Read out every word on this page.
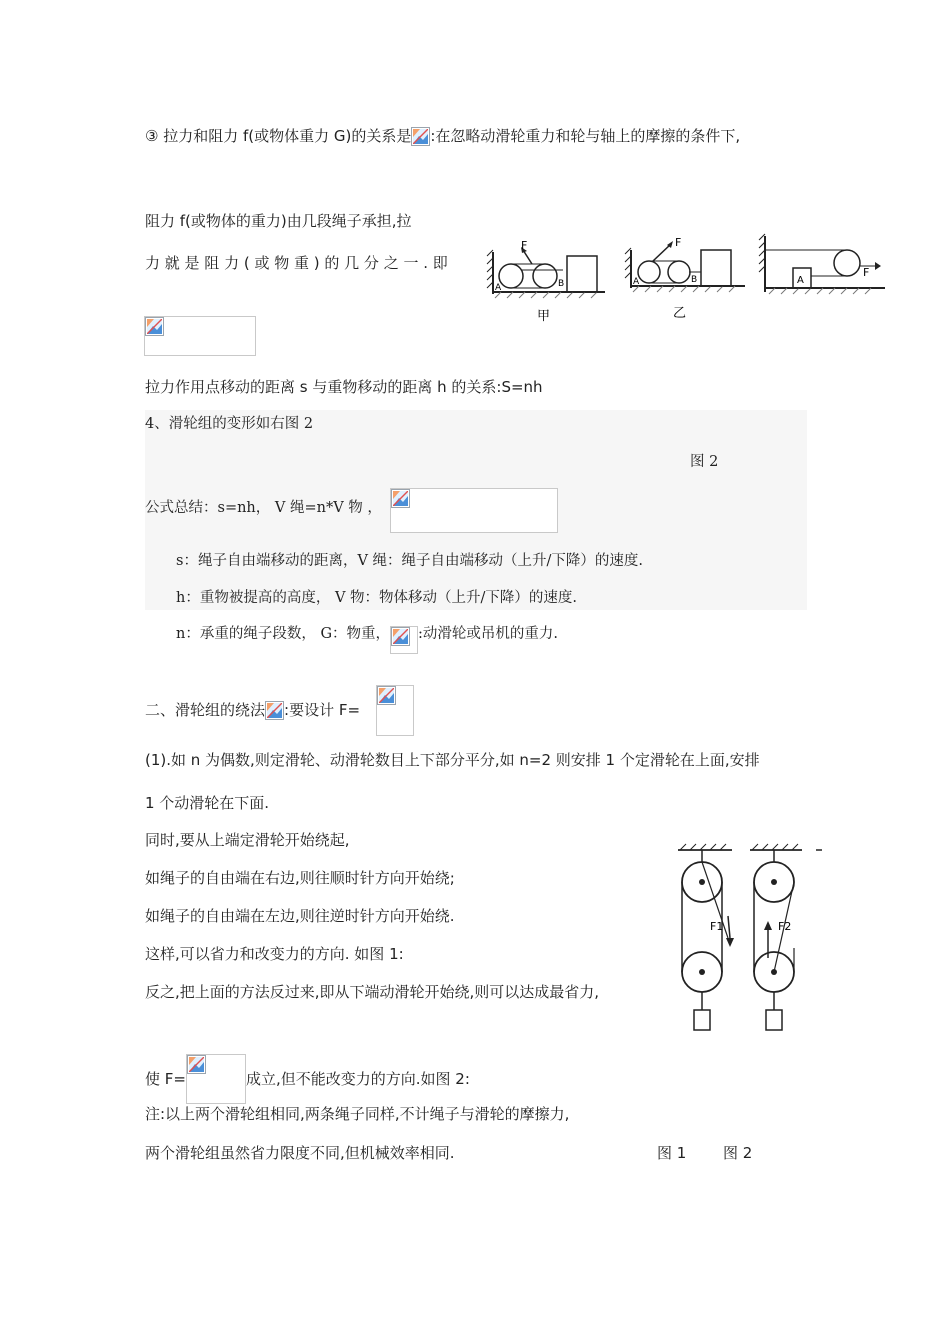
③ 拉力和阻力 f(或物体重力 G)的关系是 :在忽略动滑轮重力和轮与轴上的摩擦的条件下,
阻力 f(或物体的重力)由几段绳子承担,拉
力 就 是 阻 力 ( 或 物 重 ) 的 几 分 之 一 . 即
F
A	B
甲
F
A	B
乙
A
F
拉力作用点移动的距离 s 与重物移动的距离 h 的关系:S=nh
4、滑轮组的变形如右图 2
图 2
公式总结：s=nh， V 绳=n*V 物 ，
s：绳子自由端移动的距离，V 绳：绳子自由端移动（上升/下降）的速度.
h：重物被提高的高度， V 物：物体移动（上升/下降）的速度.
n：承重的绳子段数， G：物重， :动滑轮或吊机的重力.
二、滑轮组的绕法 :要设计 F=
(1).如 n 为偶数,则定滑轮、动滑轮数目上下部分平分,如 n=2 则安排 1 个定滑轮在上面,安排
1 个动滑轮在下面.
同时,要从上端定滑轮开始绕起,
如绳子的自由端在右边,则往顺时针方向开始绕;
如绳子的自由端在左边,则往逆时针方向开始绕.
这样,可以省力和改变力的方向. 如图 1:
反之,把上面的方法反过来,即从下端动滑轮开始绕,则可以达成最省力,
使 F=	成立,但不能改变力的方向.如图 2:
注:以上两个滑轮组相同,两条绳子同样,不计绳子与滑轮的摩擦力,
两个滑轮组虽然省力限度不同,但机械效率相同.	图 1 图 2
F1	F2
